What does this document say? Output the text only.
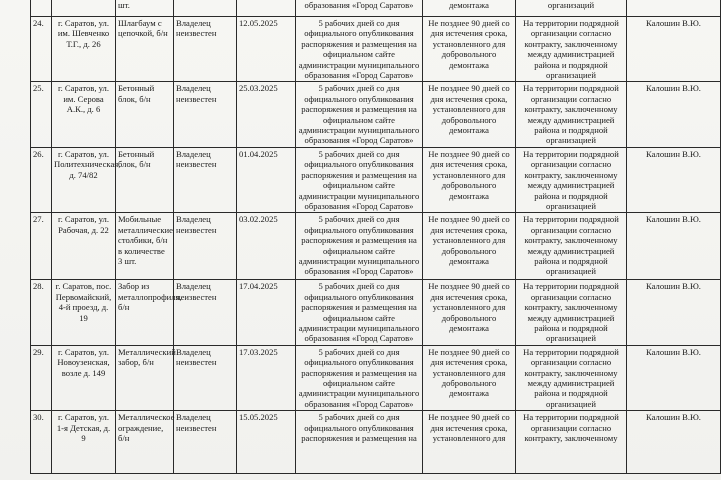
		шт.			образования «Город Саратов»	демонтажа	организаций	
24.	г. Саратов, ул. им. Шевченко Т.Г., д. 26	Шлагбаум с цепочкой, б/н	Владелец неизвестен	12.05.2025	5 рабочих дней со дня официального опубликования распоряжения и размещения на официальном сайте администрации муниципального образования «Город Саратов»	Не позднее 90 дней со дня истечения срока, установленного для добровольного демонтажа	На территории подрядной организации согласно контракту, заключенному между администрацией района и подрядной организацией	Калошин В.Ю.
25.	г. Саратов, ул. им. Серова А.К., д. 6	Бетонный блок, б/н	Владелец неизвестен	25.03.2025	5 рабочих дней со дня официального опубликования распоряжения и размещения на официальном сайте администрации муниципального образования «Город Саратов»	Не позднее 90 дней со дня истечения срока, установленного для добровольного демонтажа	На территории подрядной организации согласно контракту, заключенному между администрацией района и подрядной организацией	Калошин В.Ю.
26.	г. Саратов, ул. Политехническая, д. 74/82	Бетонный блок, б/н	Владелец неизвестен	01.04.2025	5 рабочих дней со дня официального опубликования распоряжения и размещения на официальном сайте администрации муниципального образования «Город Саратов»	Не позднее 90 дней со дня истечения срока, установленного для добровольного демонтажа	На территории подрядной организации согласно контракту, заключенному между администрацией района и подрядной организацией	Калошин В.Ю.
27.	г. Саратов, ул. Рабочая, д. 22	Мобильные металлические столбики, б/н в количестве 3 шт.	Владелец неизвестен	03.02.2025	5 рабочих дней со дня официального опубликования распоряжения и размещения на официальном сайте администрации муниципального образования «Город Саратов»	Не позднее 90 дней со дня истечения срока, установленного для добровольного демонтажа	На территории подрядной организации согласно контракту, заключенному между администрацией района и подрядной организацией	Калошин В.Ю.
28.	г. Саратов, пос. Первомайский, 4-й проезд, д. 19	Забор из металлопрофиля, б/н	Владелец неизвестен	17.04.2025	5 рабочих дней со дня официального опубликования распоряжения и размещения на официальном сайте администрации муниципального образования «Город Саратов»	Не позднее 90 дней со дня истечения срока, установленного для добровольного демонтажа	На территории подрядной организации согласно контракту, заключенному между администрацией района и подрядной организацией	Калошин В.Ю.
29.	г. Саратов, ул. Новоузенская, возле д. 149	Металлический забор, б/н	Владелец неизвестен	17.03.2025	5 рабочих дней со дня официального опубликования распоряжения и размещения на официальном сайте администрации муниципального образования «Город Саратов»	Не позднее 90 дней со дня истечения срока, установленного для добровольного демонтажа	На территории подрядной организации согласно контракту, заключенному между администрацией района и подрядной организацией	Калошин В.Ю.
30.	г. Саратов, ул. 1-я Детская, д. 9	Металлическое ограждение, б/н	Владелец неизвестен	15.05.2025	5 рабочих дней со дня официального опубликования распоряжения и размещения на	Не позднее 90 дней со дня истечения срока, установленного для	На территории подрядной организации согласно контракту, заключенному	Калошин В.Ю.
